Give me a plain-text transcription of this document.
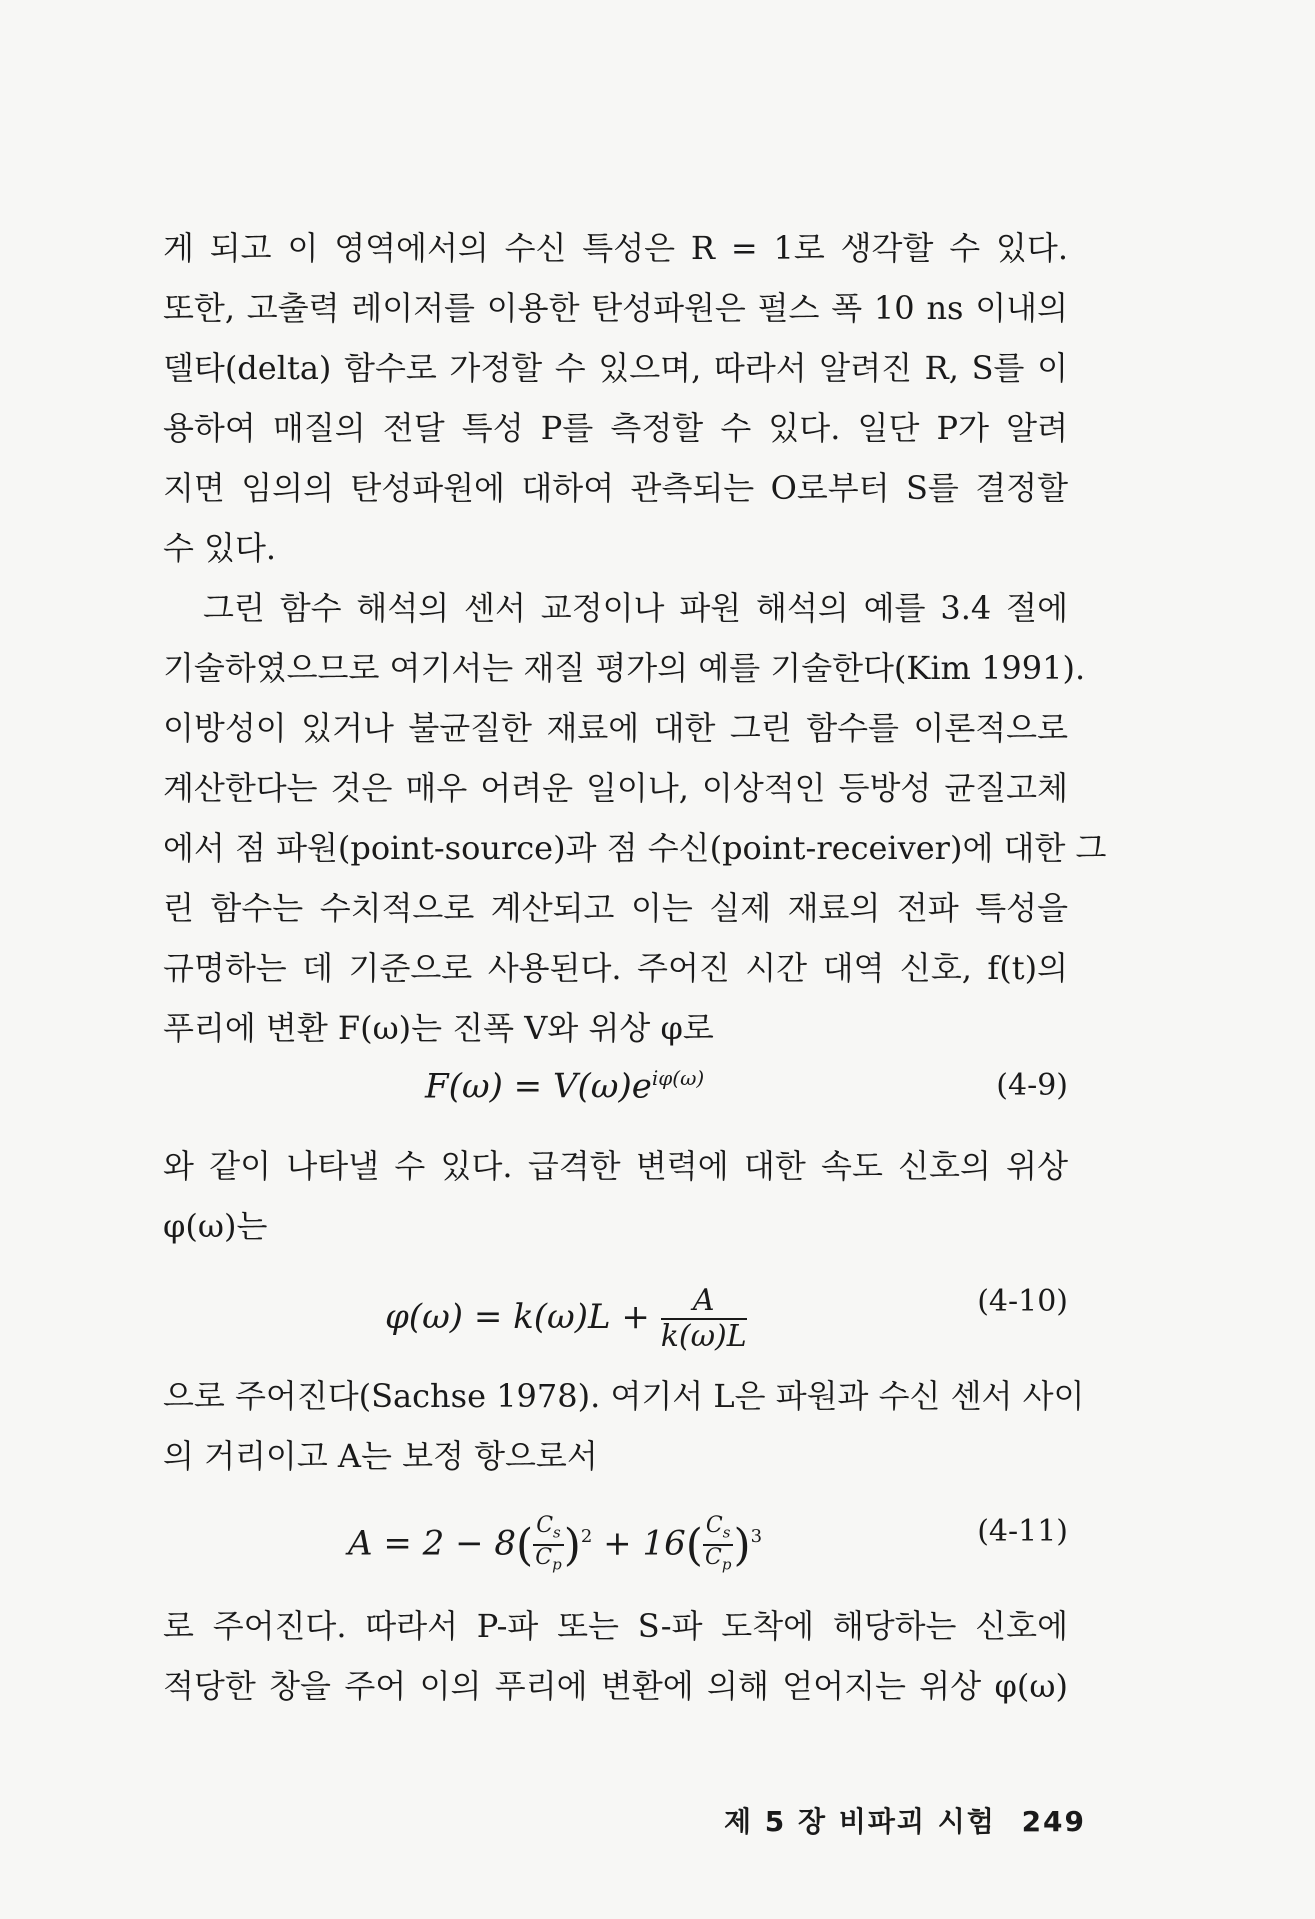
게 되고 이 영역에서의 수신 특성은 R = 1로 생각할 수 있다.
또한, 고출력 레이저를 이용한 탄성파원은 펄스 폭 10 ns 이내의
델타(delta) 함수로 가정할 수 있으며, 따라서 알려진 R, S를 이
용하여 매질의 전달 특성 P를 측정할 수 있다. 일단 P가 알려
지면 임의의 탄성파원에 대하여 관측되는 O로부터 S를 결정할
수 있다.
그린 함수 해석의 센서 교정이나 파원 해석의 예를 3.4 절에
기술하였으므로 여기서는 재질 평가의 예를 기술한다(Kim 1991).
이방성이 있거나 불균질한 재료에 대한 그린 함수를 이론적으로
계산한다는 것은 매우 어려운 일이나, 이상적인 등방성 균질고체
에서 점 파원(point-source)과 점 수신(point-receiver)에 대한 그
린 함수는 수치적으로 계산되고 이는 실제 재료의 전파 특성을
규명하는 데 기준으로 사용된다. 주어진 시간 대역 신호, f(t)의
푸리에 변환 F(ω)는 진폭 V와 위상 φ로
$F(\omega) = V(\omega)e^{i\varphi(\omega)}$	(4-9)
와 같이 나타낼 수 있다. 급격한 변력에 대한 속도 신호의 위상
φ(ω)는
$\varphi(\omega) = k(\omega)L + \frac{A}{k(\omega)L}$	(4-10)
으로 주어진다(Sachse 1978). 여기서 L은 파원과 수신 센서 사이
의 거리이고 A는 보정 항으로서
$A = 2 - 8( \frac{C_s}{C_p} )^2 + 16( \frac{C_s}{C_p} )^3$	(4-11)
로 주어진다. 따라서 P-파 또는 S-파 도착에 해당하는 신호에
적당한 창을 주어 이의 푸리에 변환에 의해 얻어지는 위상 φ(ω)
제 5 장 비파괴 시험 249
